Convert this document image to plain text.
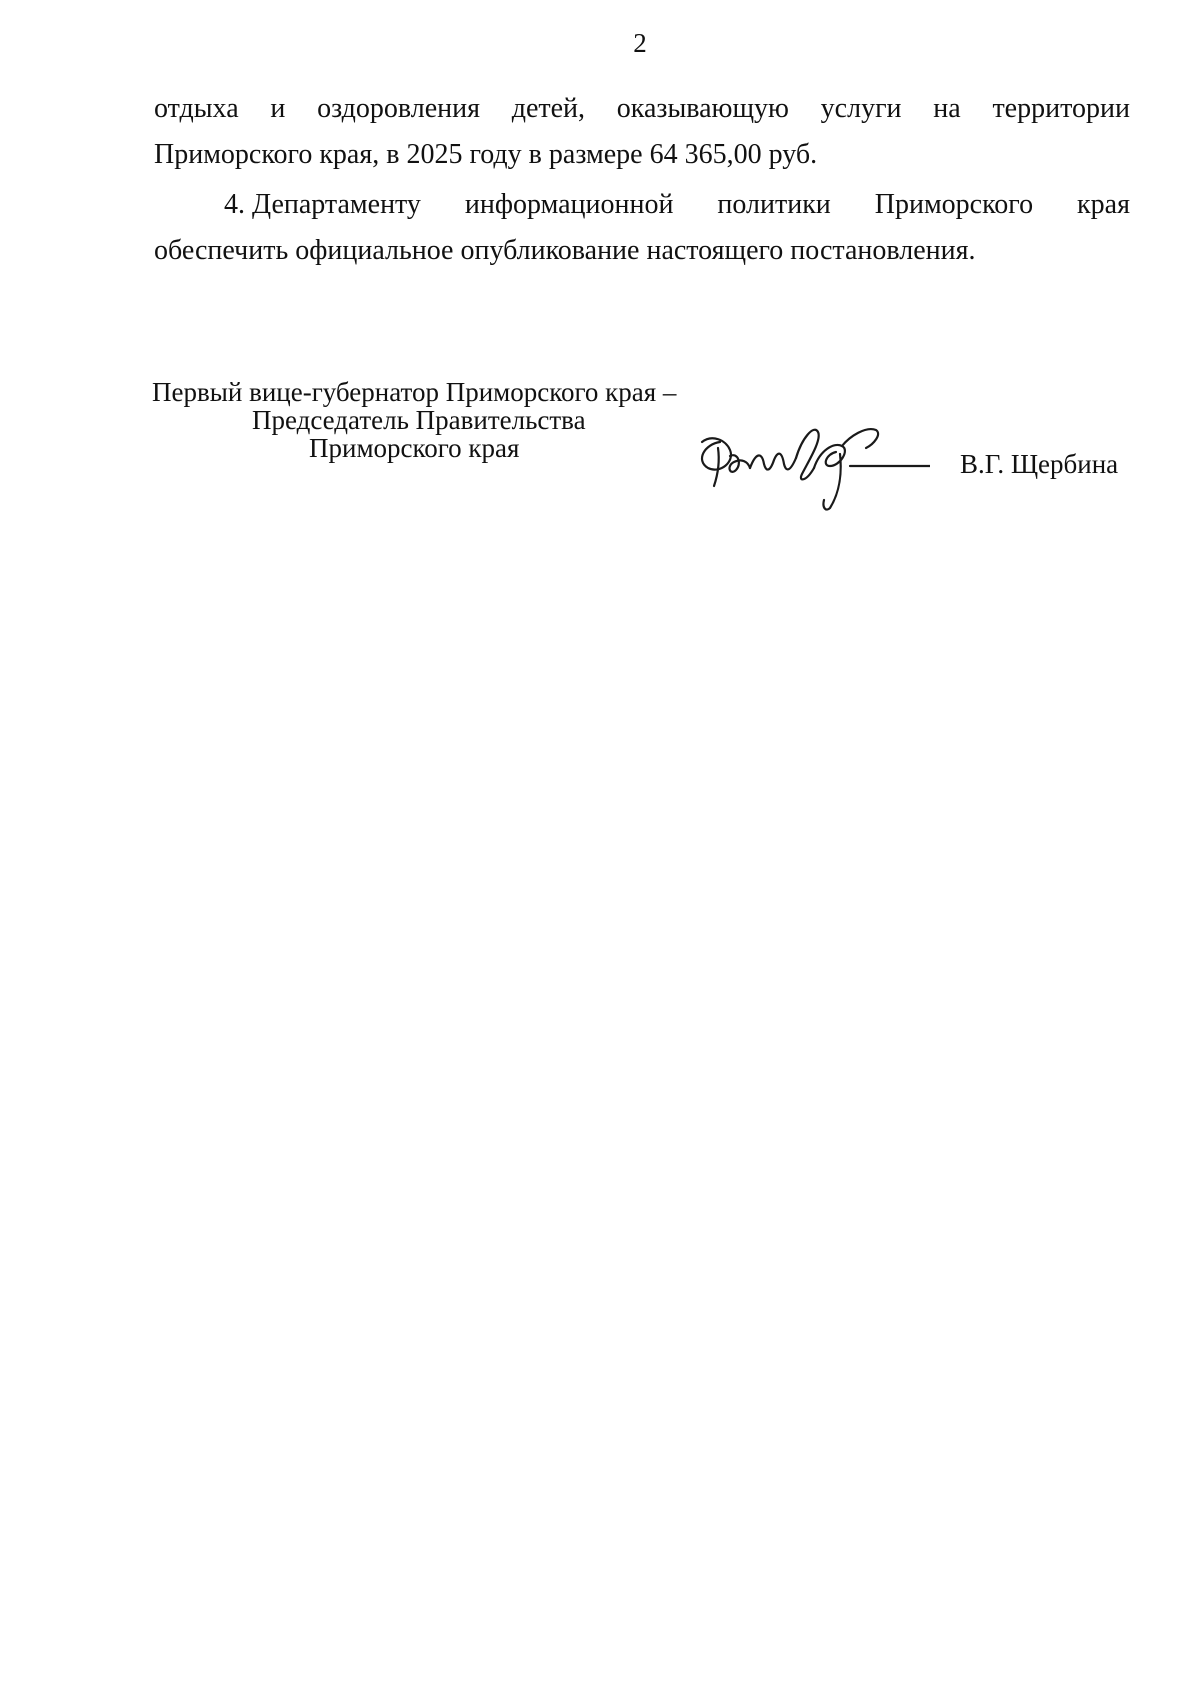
2
отдыха и оздоровления детей, оказывающую услуги на территории
Приморского края, в 2025 году в размере 64 365,00 руб.
4. Департаменту информационной политики Приморского края
обеспечить официальное опубликование настоящего постановления.
Первый вице-губернатор Приморского края –
Председатель Правительства
Приморского края
В.Г. Щербина
